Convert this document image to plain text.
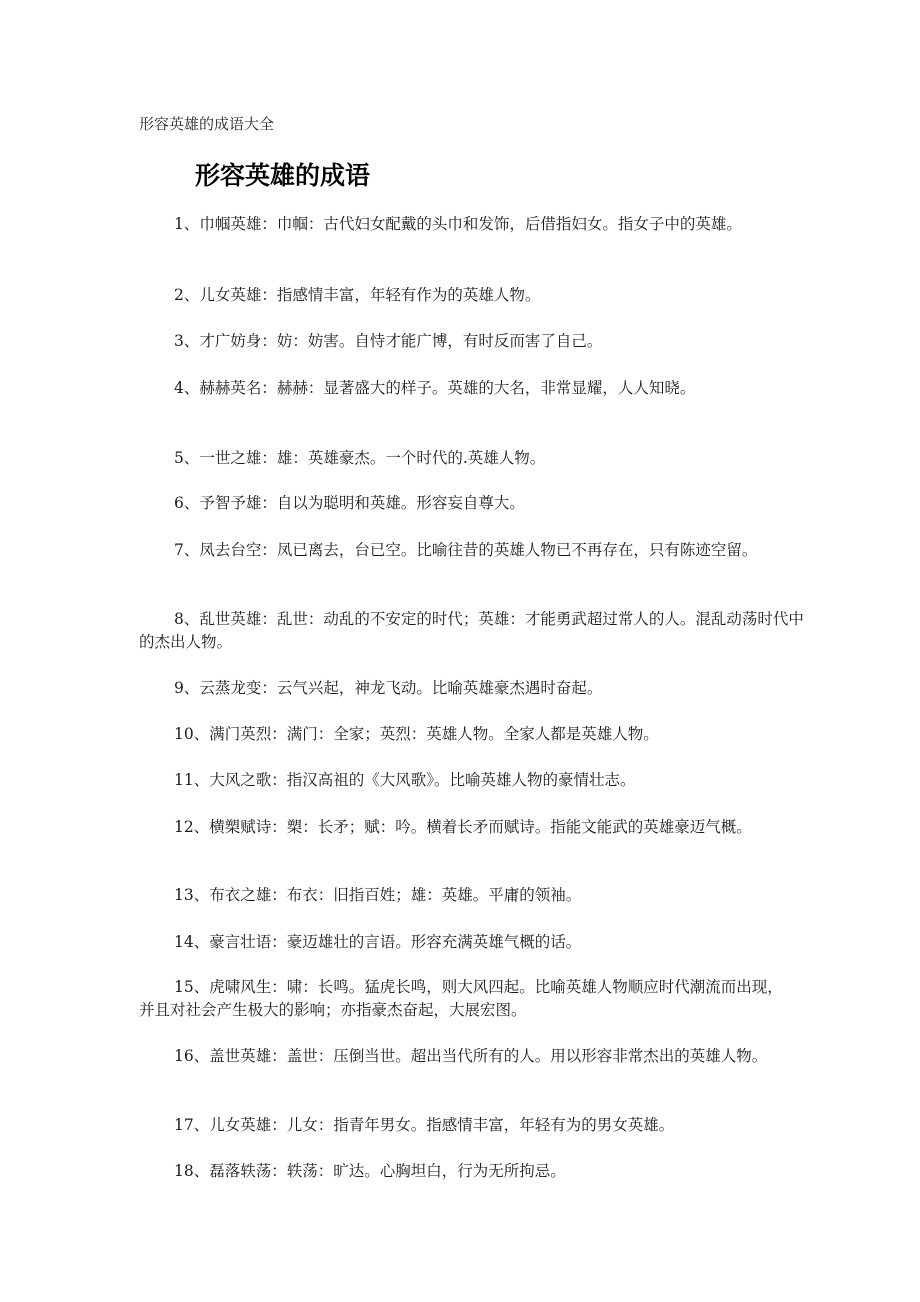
形容英雄的成语大全
形容英雄的成语

1、巾帼英雄：巾帼：古代妇女配戴的头巾和发饰，后借指妇女。指女子中的英雄。

2、儿女英雄：指感情丰富，年轻有作为的英雄人物。

3、才广妨身：妨：妨害。自恃才能广博，有时反而害了自己。

4、赫赫英名：赫赫：显著盛大的样子。英雄的大名，非常显耀，人人知晓。

5、一世之雄：雄：英雄豪杰。一个时代的.英雄人物。

6、予智予雄：自以为聪明和英雄。形容妄自尊大。

7、凤去台空：凤已离去，台已空。比喻往昔的英雄人物已不再存在，只有陈迹空留。

8、乱世英雄：乱世：动乱的不安定的时代；英雄：才能勇武超过常人的人。混乱动荡时代中的杰出人物。

9、云蒸龙变：云气兴起，神龙飞动。比喻英雄豪杰遇时奋起。

10、满门英烈：满门：全家；英烈：英雄人物。全家人都是英雄人物。

11、大风之歌：指汉高祖的《大风歌》。比喻英雄人物的豪情壮志。

12、横槊赋诗：槊：长矛；赋：吟。横着长矛而赋诗。指能文能武的英雄豪迈气概。

13、布衣之雄：布衣：旧指百姓；雄：英雄。平庸的领袖。

14、豪言壮语：豪迈雄壮的言语。形容充满英雄气概的话。

15、虎啸风生：啸：长鸣。猛虎长鸣，则大风四起。比喻英雄人物顺应时代潮流而出现，并且对社会产生极大的影响；亦指豪杰奋起，大展宏图。

16、盖世英雄：盖世：压倒当世。超出当代所有的人。用以形容非常杰出的英雄人物。

17、儿女英雄：儿女：指青年男女。指感情丰富，年轻有为的男女英雄。

18、磊落轶荡：轶荡：旷达。心胸坦白，行为无所拘忌。
